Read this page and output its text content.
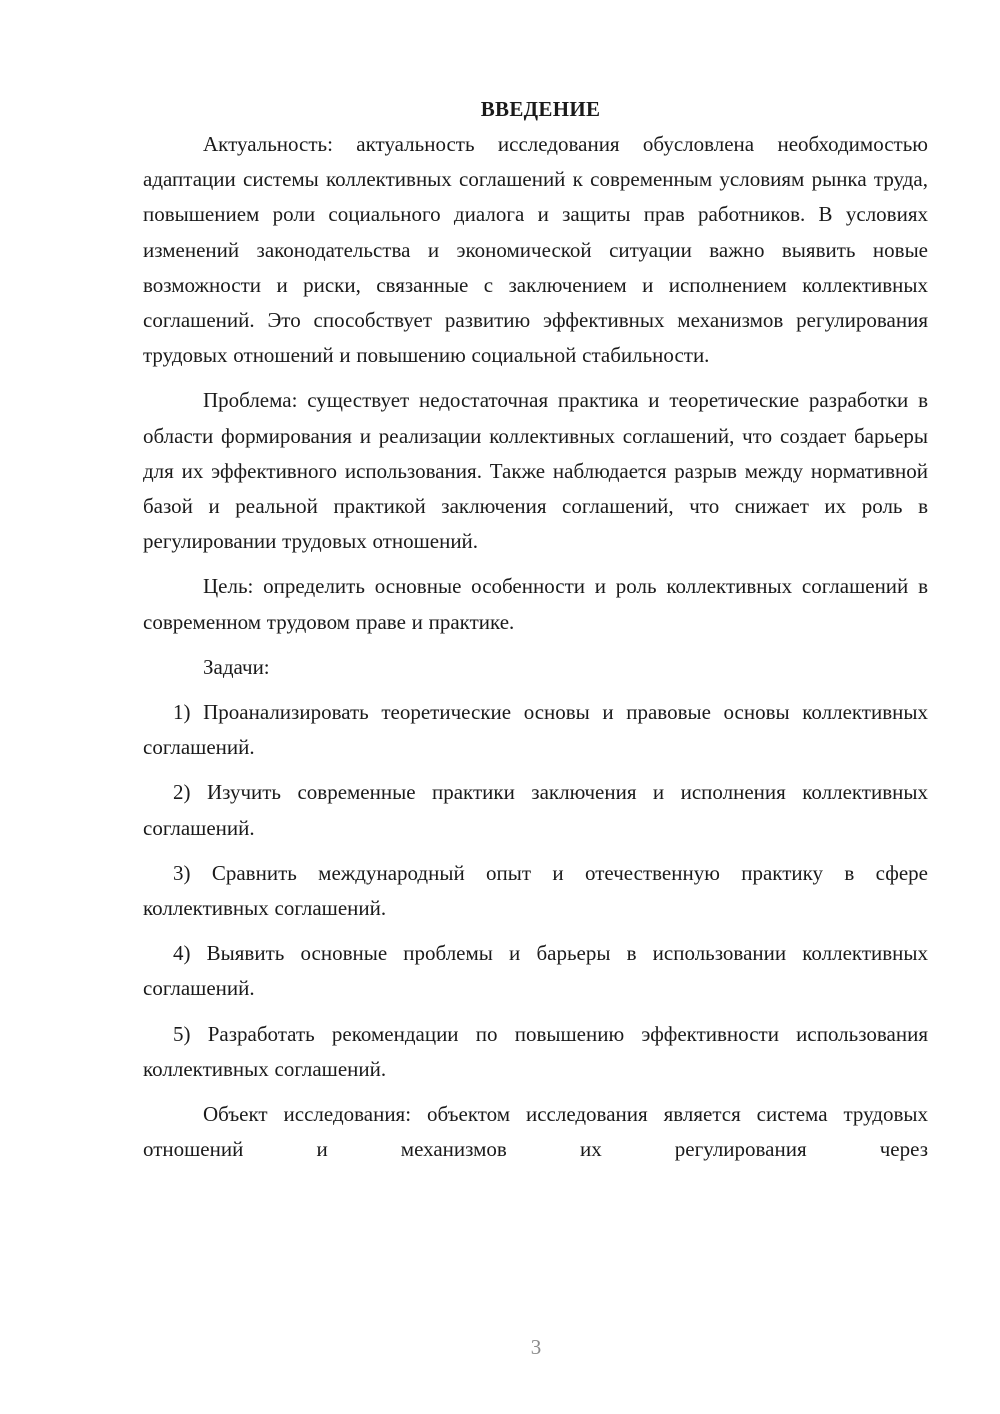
ВВЕДЕНИЕ

Актуальность: актуальность исследования обусловлена необходимостью адаптации системы коллективных соглашений к современным условиям рынка труда, повышением роли социального диалога и защиты прав работников. В условиях изменений законодательства и экономической ситуации важно выявить новые возможности и риски, связанные с заключением и исполнением коллективных соглашений. Это способствует развитию эффективных механизмов регулирования трудовых отношений и повышению социальной стабильности.

Проблема: существует недостаточная практика и теоретические разработки в области формирования и реализации коллективных соглашений, что создает барьеры для их эффективного использования. Также наблюдается разрыв между нормативной базой и реальной практикой заключения соглашений, что снижает их роль в регулировании трудовых отношений.

Цель: определить основные особенности и роль коллективных соглашений в современном трудовом праве и практике.

Задачи:

1) Проанализировать теоретические основы и правовые основы коллективных соглашений.

2) Изучить современные практики заключения и исполнения коллективных соглашений.

3) Сравнить международный опыт и отечественную практику в сфере коллективных соглашений.

4) Выявить основные проблемы и барьеры в использовании коллективных соглашений.

5) Разработать рекомендации по повышению эффективности использования коллективных соглашений.

Объект исследования: объектом исследования является система трудовых отношений и механизмов их регулирования через

3
